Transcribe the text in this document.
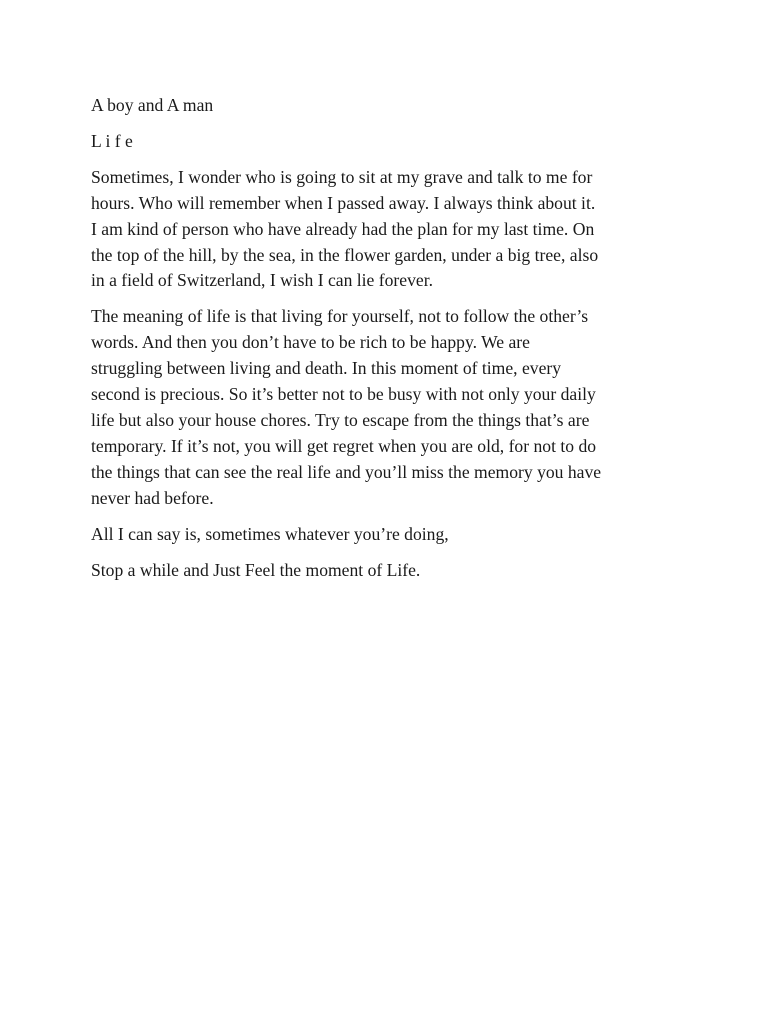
A boy and A man

L i f e

Sometimes, I wonder who is going to sit at my grave and talk to me for
hours. Who will remember when I passed away. I always think about it.
I am kind of person who have already had the plan for my last time. On
the top of the hill, by the sea, in the flower garden, under a big tree, also
in a field of Switzerland, I wish I can lie forever.

The meaning of life is that living for yourself, not to follow the other’s
words. And then you don’t have to be rich to be happy. We are
struggling between living and death. In this moment of time, every
second is precious. So it’s better not to be busy with not only your daily
life but also your house chores. Try to escape from the things that’s are
temporary. If it’s not, you will get regret when you are old, for not to do
the things that can see the real life and you’ll miss the memory you have
never had before.

All I can say is, sometimes whatever you’re doing,

Stop a while and Just Feel the moment of Life.
